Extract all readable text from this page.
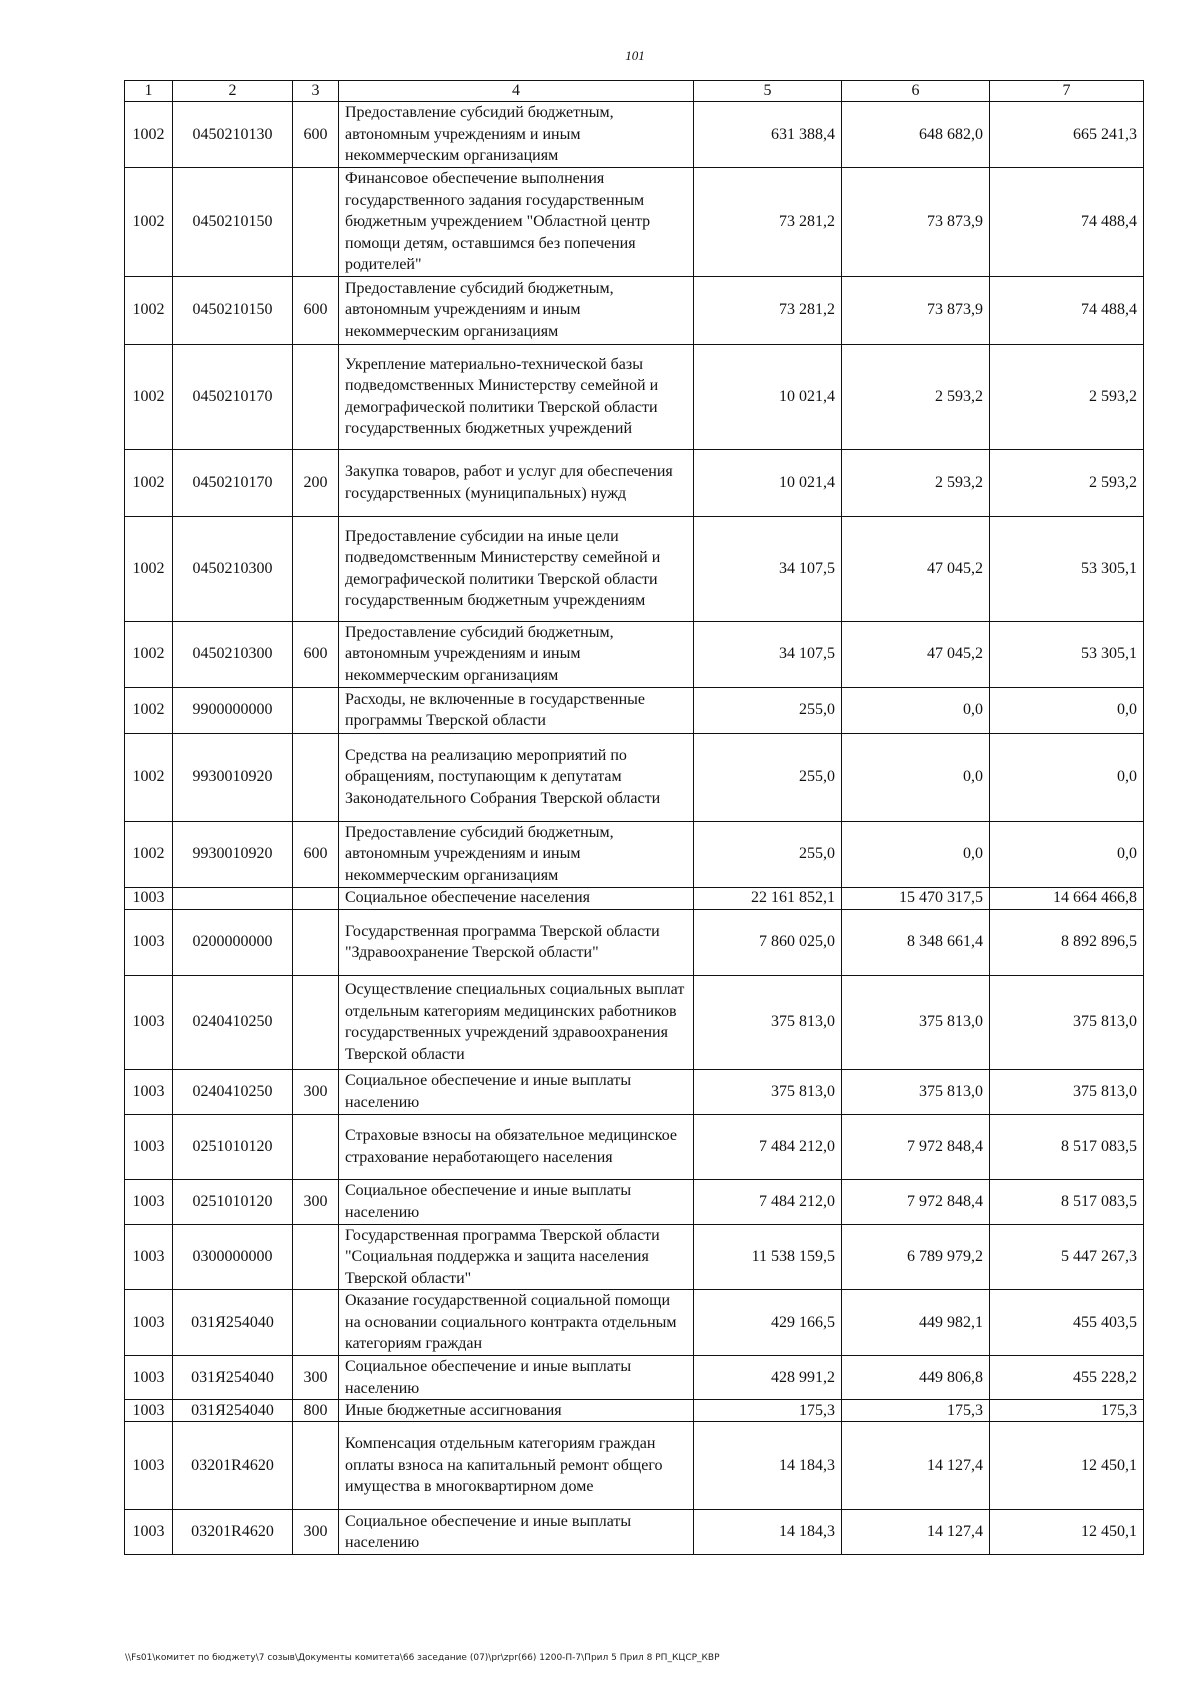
101
1	2	3	4	5	6	7
1002	0450210130	600	Предоставление субсидий бюджетным, автономным учреждениям и иным некоммерческим организациям	631 388,4	648 682,0	665 241,3
1002	0450210150		Финансовое обеспечение выполнения государственного задания государственным бюджетным учреждением "Областной центр помощи детям, оставшимся без попечения родителей"	73 281,2	73 873,9	74 488,4
1002	0450210150	600	Предоставление субсидий бюджетным, автономным учреждениям и иным некоммерческим организациям	73 281,2	73 873,9	74 488,4
1002	0450210170		Укрепление материально-технической базы подведомственных Министерству семейной и демографической политики Тверской области государственных бюджетных учреждений	10 021,4	2 593,2	2 593,2
1002	0450210170	200	Закупка товаров, работ и услуг для обеспечения государственных (муниципальных) нужд	10 021,4	2 593,2	2 593,2
1002	0450210300		Предоставление субсидии на иные цели подведомственным Министерству семейной и демографической политики Тверской области государственным бюджетным учреждениям	34 107,5	47 045,2	53 305,1
1002	0450210300	600	Предоставление субсидий бюджетным, автономным учреждениям и иным некоммерческим организациям	34 107,5	47 045,2	53 305,1
1002	9900000000		Расходы, не включенные в государственные программы Тверской области	255,0	0,0	0,0
1002	9930010920		Средства на реализацию мероприятий по обращениям, поступающим к депутатам Законодательного Собрания Тверской области	255,0	0,0	0,0
1002	9930010920	600	Предоставление субсидий бюджетным, автономным учреждениям и иным некоммерческим организациям	255,0	0,0	0,0
1003			Социальное обеспечение населения	22 161 852,1	15 470 317,5	14 664 466,8
1003	0200000000		Государственная программа Тверской области "Здравоохранение Тверской области"	7 860 025,0	8 348 661,4	8 892 896,5
1003	0240410250		Осуществление специальных социальных выплат отдельным категориям медицинских работников государственных учреждений здравоохранения Тверской области	375 813,0	375 813,0	375 813,0
1003	0240410250	300	Социальное обеспечение и иные выплаты населению	375 813,0	375 813,0	375 813,0
1003	0251010120		Страховые взносы на обязательное медицинское страхование неработающего населения	7 484 212,0	7 972 848,4	8 517 083,5
1003	0251010120	300	Социальное обеспечение и иные выплаты населению	7 484 212,0	7 972 848,4	8 517 083,5
1003	0300000000		Государственная программа Тверской области "Социальная поддержка и защита населения Тверской области"	11 538 159,5	6 789 979,2	5 447 267,3
1003	031Я254040		Оказание государственной социальной помощи на основании социального контракта отдельным категориям граждан	429 166,5	449 982,1	455 403,5
1003	031Я254040	300	Социальное обеспечение и иные выплаты населению	428 991,2	449 806,8	455 228,2
1003	031Я254040	800	Иные бюджетные ассигнования	175,3	175,3	175,3
1003	03201R4620		Компенсация отдельным категориям граждан оплаты взноса на капитальный ремонт общего имущества в многоквартирном доме	14 184,3	14 127,4	12 450,1
1003	03201R4620	300	Социальное обеспечение и иные выплаты населению	14 184,3	14 127,4	12 450,1
\\Fs01\комитет по бюджету\7 созыв\Документы комитета\66 заседание (07)\pr\zpr(66) 1200-П-7\Прил 5 Прил 8 РП_КЦСР_КВР
